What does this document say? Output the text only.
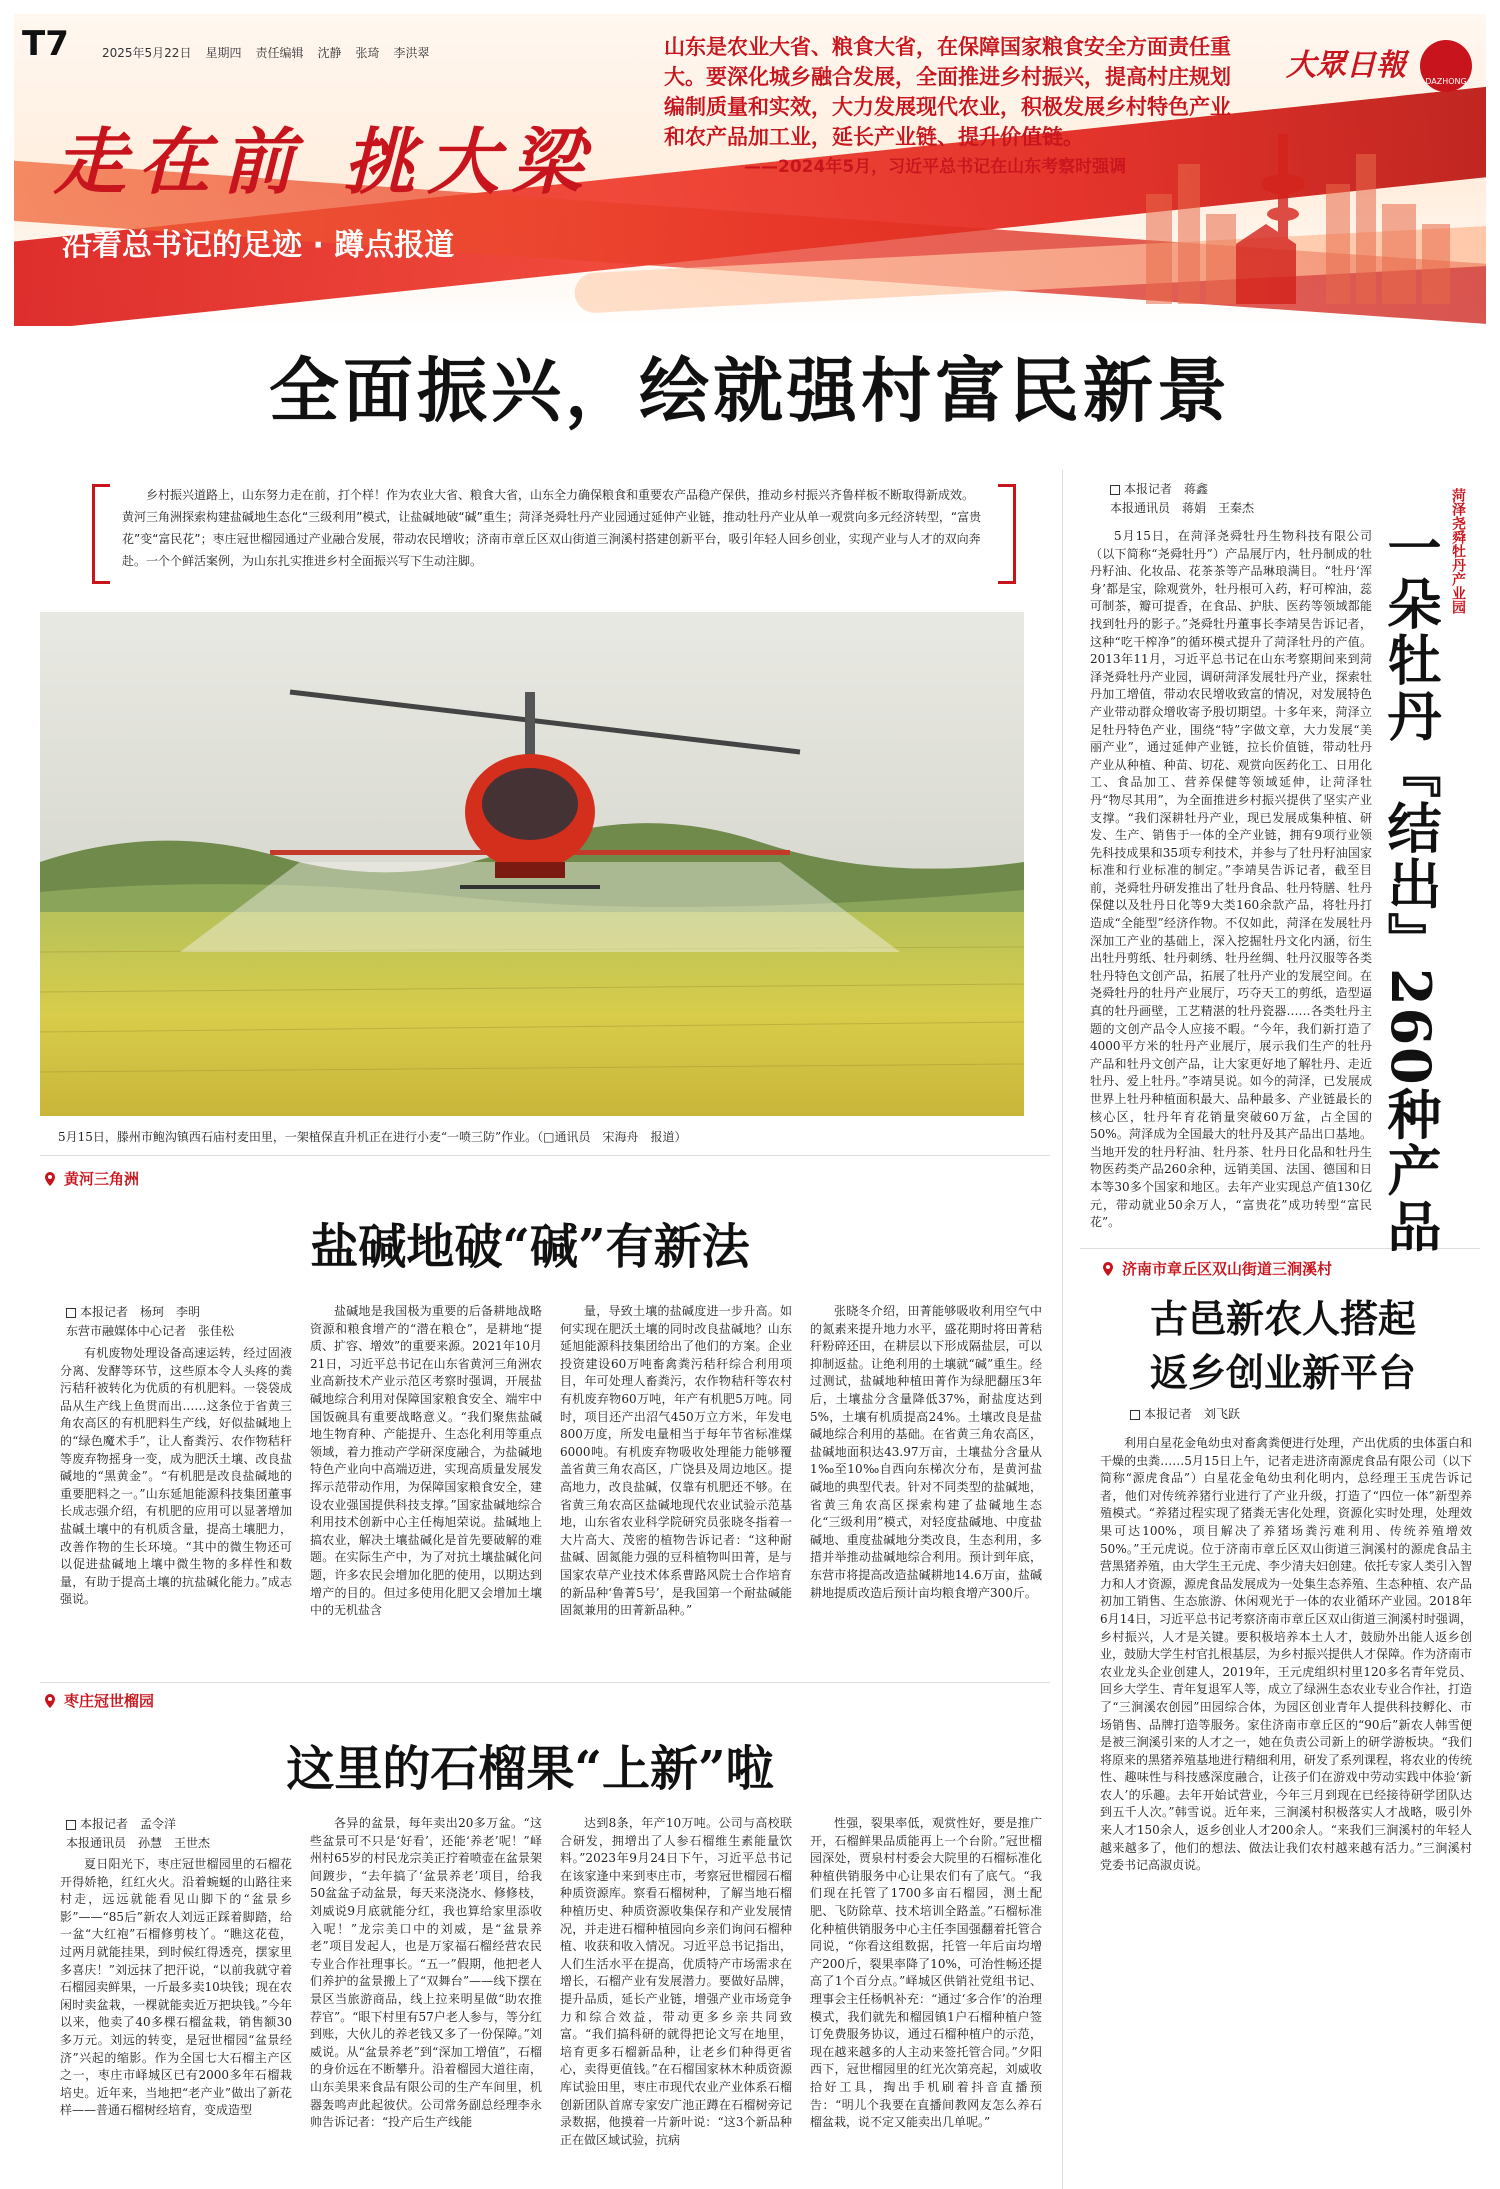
T7	2025年5月22日 星期四 责任编辑 沈静 张琦 李洪翠
走在前 挑大梁
沿着总书记的足迹 · 蹲点报道
山东是农业大省、粮食大省，在保障国家粮食安全方面责任重大。要深化城乡融合发展，全面推进乡村振兴，提高村庄规划编制质量和实效，大力发展现代农业，积极发展乡村特色产业和农产品加工业，延长产业链、提升价值链。
——2024年5月，习近平总书记在山东考察时强调
大眾日報	DAZHONG
全面振兴，绘就强村富民新景
乡村振兴道路上，山东努力走在前，打个样！作为农业大省、粮食大省，山东全力确保粮食和重要农产品稳产保供，推动乡村振兴齐鲁样板不断取得新成效。黄河三角洲探索构建盐碱地生态化“三级利用”模式，让盐碱地破“碱”重生；菏泽尧舜牡丹产业园通过延伸产业链，推动牡丹产业从单一观赏向多元经济转型，“富贵花”变“富民花”；枣庄冠世榴园通过产业融合发展，带动农民增收；济南市章丘区双山街道三涧溪村搭建创新平台，吸引年轻人回乡创业，实现产业与人才的双向奔赴。一个个鲜活案例，为山东扎实推进乡村全面振兴写下生动注脚。
5月15日，滕州市鲍沟镇西石庙村麦田里，一架植保直升机正在进行小麦“一喷三防”作业。（□通讯员　宋海舟　报道）
黄河三角洲
盐碱地破“碱”有新法
本报记者　杨珂　李明
东营市融媒体中心记者　张佳松

有机废物处理设备高速运转，经过固液分离、发酵等环节，这些原本令人头疼的粪污秸秆被转化为优质的有机肥料。一袋袋成品从生产线上鱼贯而出……这条位于省黄三角农高区的有机肥料生产线，好似盐碱地上的“绿色魔术手”，让人畜粪污、农作物秸秆等废弃物摇身一变，成为肥沃土壤、改良盐碱地的“黑黄金”。“有机肥是改良盐碱地的重要肥料之一。”山东延旭能源科技集团董事长成志强介绍，有机肥的应用可以显著增加盐碱土壤中的有机质含量，提高土壤肥力，改善作物的生长环境。“其中的微生物还可以促进盐碱地上壤中微生物的多样性和数量，有助于提高土壤的抗盐碱化能力。”成志强说。

盐碱地是我国极为重要的后备耕地战略资源和粮食增产的“潜在粮仓”，是耕地“提质、扩容、增效”的重要来源。2021年10月21日，习近平总书记在山东省黄河三角洲农业高新技术产业示范区考察时强调，开展盐碱地综合利用对保障国家粮食安全、端牢中国饭碗具有重要战略意义。“我们聚焦盐碱地生物育种、产能提升、生态化利用等重点领域，着力推动产学研深度融合，为盐碱地特色产业向中高端迈进，实现高质量发展发挥示范带动作用，为保障国家粮食安全，建设农业强国提供科技支撑。”国家盐碱地综合利用技术创新中心主任梅旭荣说。盐碱地上搞农业，解决土壤盐碱化是首先要破解的难题。在实际生产中，为了对抗土壤盐碱化问题，许多农民会增加化肥的使用，以期达到增产的目的。但过多使用化肥又会增加土壤中的无机盐含

量，导致土壤的盐碱度进一步升高。如何实现在肥沃土壤的同时改良盐碱地？山东延旭能源科技集团给出了他们的方案。企业投资建设60万吨畜禽粪污秸秆综合利用项目，年可处理人畜粪污，农作物秸秆等农村有机废弃物60万吨，年产有机肥5万吨。同时，项目还产出沼气450万立方米，年发电800万度，所发电量相当于每年节省标准煤6000吨。有机废弃物吸收处理能力能够覆盖省黄三角农高区，广饶县及周边地区。提高地力，改良盐碱，仅靠有机肥还不够。在省黄三角农高区盐碱地现代农业试验示范基地，山东省农业科学院研究员张晓冬指着一大片高大、茂密的植物告诉记者：“这种耐盐碱、固氮能力强的豆科植物叫田菁，是与国家农草产业技术体系曹路风院士合作培育的新品种‘鲁菁5号’，是我国第一个耐盐碱能固氮兼用的田菁新品种。”

张晓冬介绍，田菁能够吸收利用空气中的氮素来提升地力水平，盛花期时将田菁秸秆粉碎还田，在耕层以下形成隔盐层，可以抑制返盐。让绝利用的土壤就“碱”重生。经过测试，盐碱地种植田菁作为绿肥翻压3年后，土壤盐分含量降低37%，耐盐度达到5%，土壤有机质提高24%。土壤改良是盐碱地综合利用的基础。在省黄三角农高区，盐碱地面积达43.97万亩，土壤盐分含量从1‰至10‰自西向东梯次分布，是黄河盐碱地的典型代表。针对不同类型的盐碱地，省黄三角农高区探索构建了盐碱地生态化“三级利用”模式，对轻度盐碱地、中度盐碱地、重度盐碱地分类改良，生态利用，多措并举推动盐碱地综合利用。预计到年底，东营市将提高改造盐碱耕地14.6万亩，盐碱耕地提质改造后预计亩均粮食增产300斤。

枣庄冠世榴园
这里的石榴果“上新”啦
本报记者　孟令洋
本报通讯员　孙慧　王世杰

夏日阳光下，枣庄冠世榴园里的石榴花开得娇艳，红红火火。沿着蜿蜒的山路往来村走，远远就能看见山脚下的“盆景乡影”——“85后”新农人刘远正踩着脚踏，给一盆“大红袍”石榴修剪枝丫。“瞧这花苞，过两月就能挂果，到时候红得透亮，摆家里多喜庆！”刘远抹了把汗说，“以前我就守着石榴园卖鲜果，一斤最多卖10块钱；现在农闲时卖盆栽，一棵就能卖近万把块钱。”今年以来，他卖了40多棵石榴盆栽，销售额30多万元。刘远的转变，是冠世榴园“盆景经济”兴起的缩影。作为全国七大石榴主产区之一，枣庄市峄城区已有2000多年石榴栽培史。近年来，当地把“老产业”做出了新花样——普通石榴树经培育，变成造型

各异的盆景，每年卖出20多万盆。“这些盆景可不只是‘好看’，还能‘养老’呢！”峄州村65岁的村民龙宗美正拧着喷壶在盆景架间踱步，“去年搞了‘盆景养老’项目，给我50盆盆子动盆景，每天来浇浇水、修修枝，刘威说9月底就能分红，我也算给家里添收入呢！”龙宗美口中的刘威，是“盆景养老”项目发起人，也是万家福石榴经营农民专业合作社理事长。“五一”假期，他把老人们养护的盆景搬上了“双舞台”——线下摆在景区当旅游商品，线上拉来明星做“助农推荐官”。“眼下村里有57户老人参与，等分红到账，大伙儿的养老钱又多了一份保障。”刘威说。从“盆景养老”到“深加工增值”，石榴的身价远在不断攀升。沿着榴园大道往南，山东美果来食品有限公司的生产车间里，机器轰鸣声此起彼伏。公司常务副总经理李永帅告诉记者：“投产后生产线能

达到8条，年产10万吨。公司与高校联合研发，拥增出了人参石榴维生素能量饮料。”2023年9月24日下午，习近平总书记在该家逢中来到枣庄市，考察冠世榴园石榴种质资源库。察看石榴树种，了解当地石榴种植历史、种质资源收集保存和产业发展情况，并走进石榴种植园向乡亲们询问石榴种植、收获和收入情况。习近平总书记指出，人们生活水平在提高，优质特产市场需求在增长，石榴产业有发展潜力。要做好品牌，提升品质，延长产业链，增强产业市场竞争力和综合效益，带动更多乡亲共同致富。“我们搞科研的就得把论文写在地里，培育更多石榴新品种，让老乡们种得更省心，卖得更值钱。”在石榴国家林木种质资源库试验田里，枣庄市现代农业产业体系石榴创新团队首席专家安广池正蹲在石榴树旁记录数据，他摸着一片新叶说：“这3个新品种正在做区域试验，抗病

性强，裂果率低，观赏性好，要是推广开，石榴鲜果品质能再上一个台阶。”冠世榴园深处，贾泉村村委会大院里的石榴标准化种植供销服务中心让果农们有了底气。“我们现在托管了1700多亩石榴园，测土配肥、飞防除草、技术培训全路盖。”石榴标准化种植供销服务中心主任李国强翻着托管合同说，“你看这组数据，托管一年后亩均增产200斤，裂果率降了10%，可治性畅还提高了1个百分点。”峄城区供销社党组书记、理事会主任杨帆补充：“通过‘多合作’的治理模式，我们就先和榴园镇1户石榴种植户签订免费服务协议，通过石榴种植户的示范，现在越来越多的人主动来签托管合同。”夕阳西下，冠世榴园里的红光次第亮起，刘威收拾好工具，掏出手机刷着抖音直播预告：“明儿个我要在直播间教网友怎么养石榴盆栽，说不定又能卖出几单呢。”

本报记者　蒋鑫
本报通讯员　蒋娟　王秦杰

5月15日，在菏泽尧舜牡丹生物科技有限公司（以下简称“尧舜牡丹”）产品展厅内，牡丹制成的牡丹籽油、化妆品、花茶茶等产品琳琅满目。“牡丹‘浑身’都是宝，除观赏外，牡丹根可入药，籽可榨油，蕊可制茶，瓣可提香，在食品、护肤、医药等领域都能找到牡丹的影子。”尧舜牡丹董事长李靖昊告诉记者，这种“吃干榨净”的循环模式提升了菏泽牡丹的产值。2013年11月，习近平总书记在山东考察期间来到菏泽尧舜牡丹产业园，调研菏泽发展牡丹产业，探索牡丹加工增值，带动农民增收致富的情况，对发展特色产业带动群众增收寄予殷切期望。十多年来，菏泽立足牡丹特色产业，围绕“特”字做文章，大力发展“美丽产业”，通过延伸产业链，拉长价值链，带动牡丹产业从种植、种苗、切花、观赏向医药化工、日用化工、食品加工、营养保健等领域延伸，让菏泽牡丹“物尽其用”，为全面推进乡村振兴提供了坚实产业支撑。“我们深耕牡丹产业，现已发展成集种植、研发、生产、销售于一体的全产业链，拥有9项行业领先科技成果和35项专利技术，并参与了牡丹籽油国家标准和行业标准的制定。”李靖昊告诉记者，截至目前，尧舜牡丹研发推出了牡丹食品、牡丹特膳、牡丹保健以及牡丹日化等9大类160余款产品，将牡丹打造成“全能型”经济作物。不仅如此，菏泽在发展牡丹深加工产业的基础上，深入挖掘牡丹文化内涵，衍生出牡丹剪纸、牡丹刺绣、牡丹丝绸、牡丹汉服等各类牡丹特色文创产品，拓展了牡丹产业的发展空间。在尧舜牡丹的牡丹产业展厅，巧夺天工的剪纸，造型逼真的牡丹画壁，工艺精湛的牡丹瓷器……各类牡丹主题的文创产品令人应接不暇。“今年，我们新打造了4000平方米的牡丹产业展厅，展示我们生产的牡丹产品和牡丹文创产品，让大家更好地了解牡丹、走近牡丹、爱上牡丹。”李靖昊说。如今的菏泽，已发展成世界上牡丹种植面积最大、品种最多、产业链最长的核心区，牡丹年育花销量突破60万盆，占全国的50%。菏泽成为全国最大的牡丹及其产品出口基地。当地开发的牡丹籽油、牡丹茶、牡丹日化品和牡丹生物医药类产品260余种，远销美国、法国、德国和日本等30多个国家和地区。去年产业实现总产值130亿元，带动就业50余万人，“富贵花”成功转型“富民花”。

菏泽尧舜牡丹产业园
一朵牡丹『结出』260种产品
济南市章丘区双山街道三涧溪村
古邑新农人搭起
返乡创业新平台
本报记者　刘飞跃

利用白星花金龟幼虫对畜禽粪便进行处理，产出优质的虫体蛋白和干燥的虫粪……5月15日上午，记者走进济南源虎食品有限公司（以下简称“源虎食品”）白星花金龟幼虫利化明内，总经理王玉虎告诉记者，他们对传统养猪行业进行了产业升级，打造了“四位一体”新型养殖模式。“养猪过程实现了猪粪无害化处理，资源化实时处理，处理效果可达100%，项目解决了养猪场粪污难利用、传统养殖增效50%。”王元虎说。位于济南市章丘区双山街道三涧溪村的源虎食品主营黑猪养殖，由大学生王元虎、李少清夫妇创建。依托专家人类引入智力和人才资源，源虎食品发展成为一处集生态养殖、生态种植、农产品初加工销售、生态旅游、休闲观光于一体的农业循环产业园。2018年6月14日，习近平总书记考察济南市章丘区双山街道三涧溪村时强调，乡村振兴，人才是关键。要积极培养本土人才，鼓励外出能人返乡创业，鼓励大学生村官扎根基层，为乡村振兴提供人才保障。作为济南市农业龙头企业创建人，2019年，王元虎组织村里120多名青年党员、回乡大学生、青年复退军人等，成立了绿洲生态农业专业合作社，打造了“三涧溪农创园”田园综合体，为园区创业青年人提供科技孵化、市场销售、品牌打造等服务。家住济南市章丘区的“90后”新农人韩雪便是被三涧溪引来的人才之一，她在负责公司新上的研学游板块。“我们将原来的黑猪养殖基地进行精细利用，研发了系列课程，将农业的传统性、趣味性与科技感深度融合，让孩子们在游戏中劳动实践中体验‘新农人’的乐趣。去年开始试营业，今年三月到现在已经接待研学团队达到五千人次。”韩雪说。近年来，三涧溪村积极落实人才战略，吸引外来人才150余人，返乡创业人才200余人。“来我们三涧溪村的年轻人越来越多了，他们的想法、做法让我们农村越来越有活力。”三涧溪村党委书记高淑贞说。
